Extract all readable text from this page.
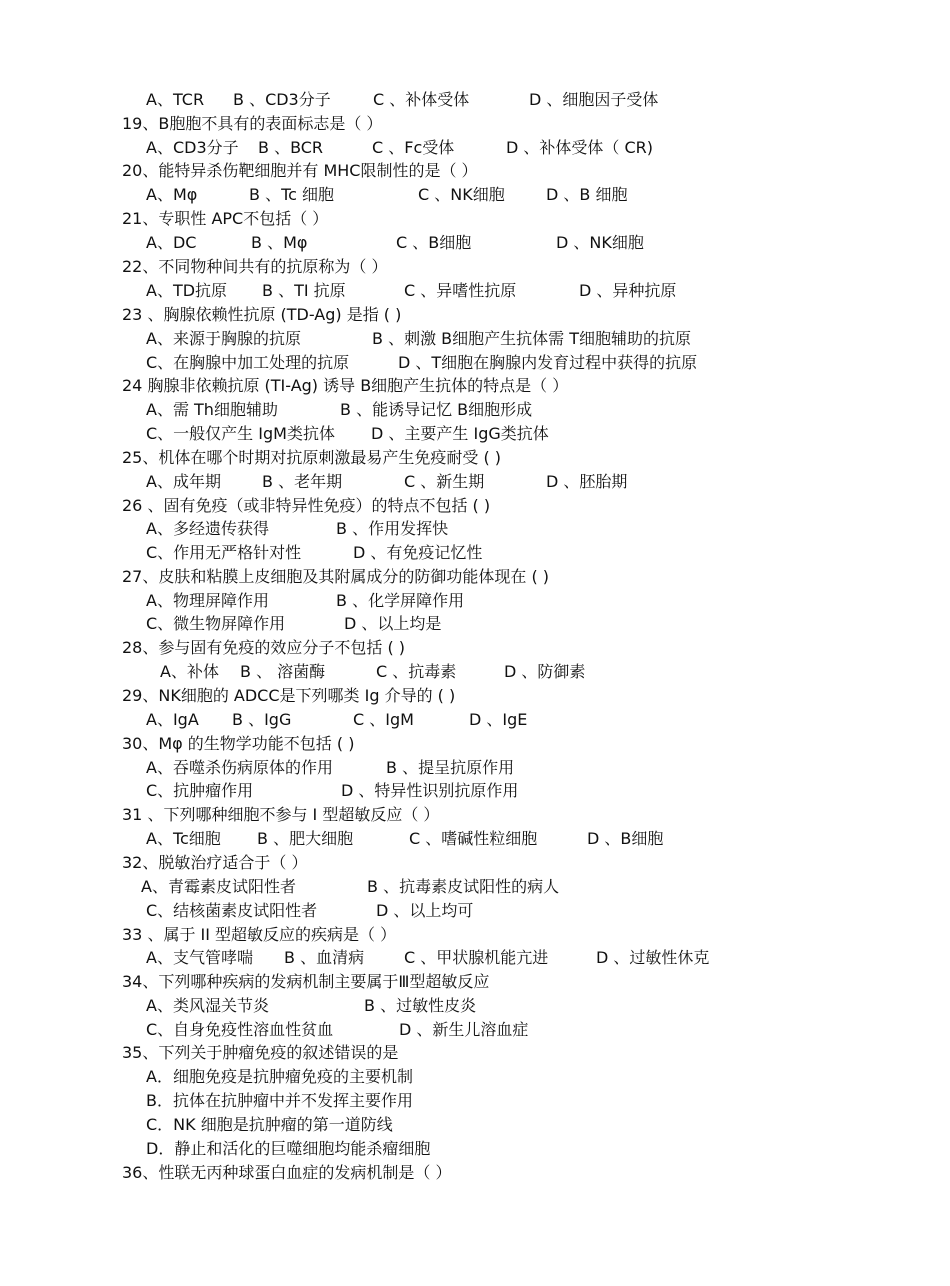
A、TCR B 、CD3分子	C 、补体受体	D 、细胞因子受体
19、B胞胞不具有的表面标志是（ ）
A、CD3分子 B 、BCR	C 、Fc受体	D 、补体受体（ CR)
20、能特异杀伤靶细胞并有 MHC限制性的是（ ）
A、Mφ	B 、Tc 细胞	C 、NK细胞	D 、B 细胞
21、专职性 APC不包括（ ）
A、DC	B 、Mφ	C 、B细胞	D 、NK细胞
22、不同物种间共有的抗原称为（ ）
A、TD抗原 B 、TI 抗原	C 、异嗜性抗原	D 、异种抗原
23 、胸腺依赖性抗原 (TD-Ag) 是指 ( )
A、来源于胸腺的抗原	B 、刺激 B细胞产生抗体需 T细胞辅助的抗原
C、在胸腺中加工处理的抗原	D 、T细胞在胸腺内发育过程中获得的抗原
24 胸腺非依赖抗原 (TI-Ag) 诱导 B细胞产生抗体的特点是（ ）
A、需 Th细胞辅助	B 、能诱导记忆 B细胞形成
C、一般仅产生 IgM类抗体 D 、主要产生 IgG类抗体
25、机体在哪个时期对抗原刺激最易产生免疫耐受 ( )
A、成年期	B 、老年期	C 、新生期	D 、胚胎期
26 、固有免疫（或非特异性免疫）的特点不包括 ( )
A、多经遗传获得	B 、作用发挥快
C、作用无严格针对性	D 、有免疫记忆性
27、皮肤和粘膜上皮细胞及其附属成分的防御功能体现在 ( )
A、物理屏障作用	B 、化学屏障作用
C、微生物屏障作用	D 、以上均是
28、参与固有免疫的效应分子不包括 ( )
A、补体 B 、 溶菌酶	C 、抗毒素	D 、防御素
29、NK细胞的 ADCC是下列哪类 Ig 介导的 ( )
A、IgA B 、IgG	C 、IgM	D 、IgE
30、Mφ 的生物学功能不包括 ( )
A、吞噬杀伤病原体的作用	B 、提呈抗原作用
C、抗肿瘤作用	D 、特异性识别抗原作用
31 、下列哪种细胞不参与 I 型超敏反应（ ）
A、Tc细胞 B 、肥大细胞	C 、嗜碱性粒细胞	D 、B细胞
32、脱敏治疗适合于（ ）
A、青霉素皮试阳性者	B 、抗毒素皮试阳性的病人
C、结核菌素皮试阳性者	D 、以上均可
33 、属于 II 型超敏反应的疾病是（ ）
A、支气管哮喘 B 、血清病 C 、甲状腺机能亢进	D 、过敏性休克
34、下列哪种疾病的发病机制主要属于Ⅲ型超敏反应
A、类风湿关节炎	B 、过敏性皮炎
C、自身免疫性溶血性贫血	D 、新生儿溶血症
35、下列关于肿瘤免疫的叙述错误的是
A．细胞免疫是抗肿瘤免疫的主要机制
B．抗体在抗肿瘤中并不发挥主要作用
C．NK 细胞是抗肿瘤的第一道防线
D．静止和活化的巨噬细胞均能杀瘤细胞
36、性联无丙种球蛋白血症的发病机制是（ ）
